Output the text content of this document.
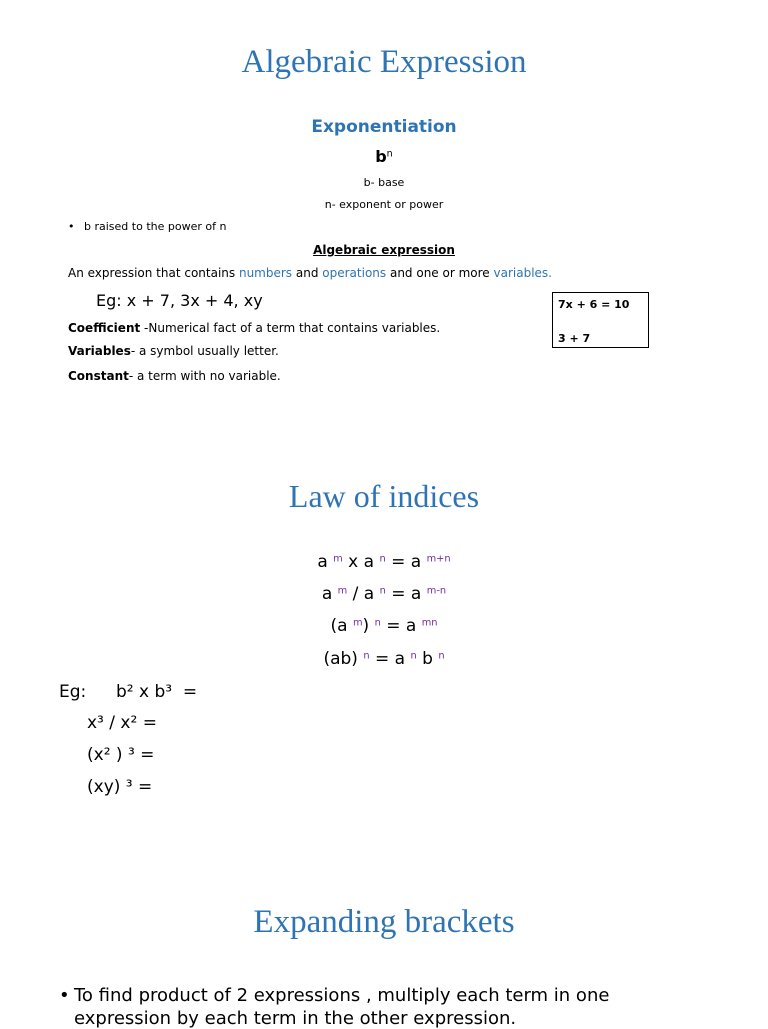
Algebraic Expression
Exponentiation
$b^n$
b- base
n- exponent or power
• b raised to the power of n
Algebraic expression
An expression that contains numbers and operations and one or more variables.
Eg: x + 7, 3x + 4, xy
Coefficient -Numerical fact of a term that contains variables.
Variables- a symbol usually letter.
Constant- a term with no variable.
7x + 6 = 10
3 + 7
Law of indices
a $^m$ x a $^n$ = a $^{m+n}$
a $^m$ / a $^n$ = a $^{m-n}$
(a $^m$) $^n$ = a $^{mn}$
(ab) $^n$ = a $^n$ b $^n$
Eg: b² x b³  =
x³ / x² =
(x² ) ³ =
(xy) ³ =
Expanding brackets
• To find product of 2 expressions , multiply each term in one
expression by each term in the other expression.
